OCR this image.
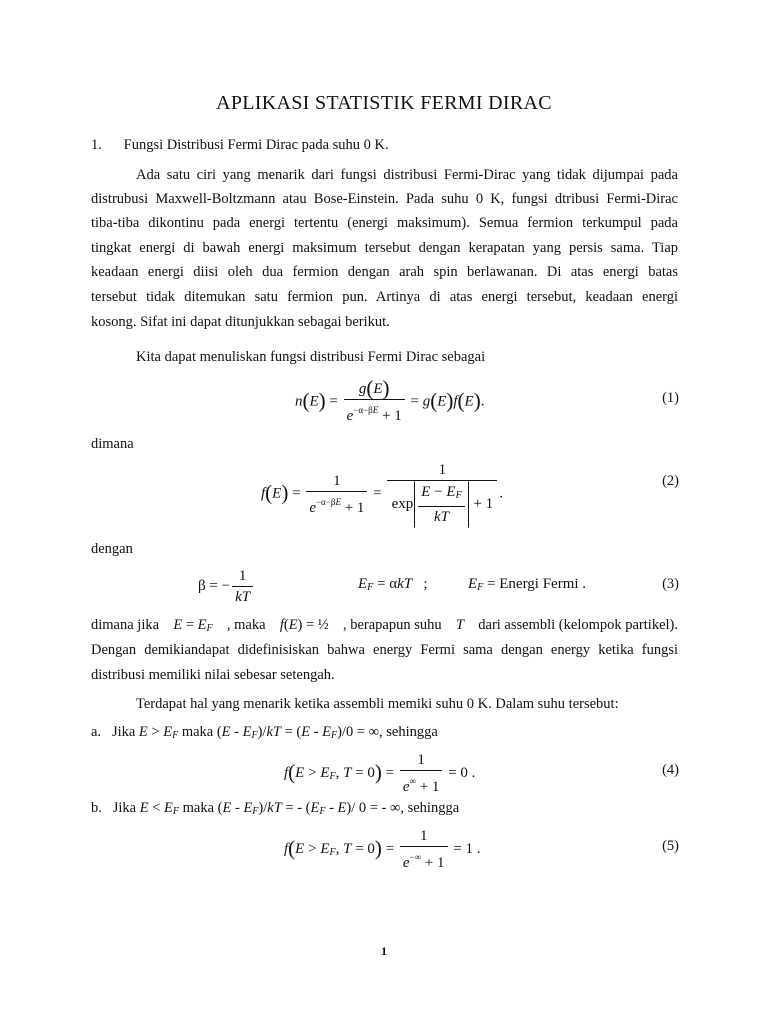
APLIKASI STATISTIK FERMI DIRAC
1.      Fungsi Distribusi Fermi Dirac pada suhu 0 K.
Ada satu ciri yang menarik dari fungsi distribusi Fermi-Dirac yang tidak dijumpai pada
distrubusi Maxwell-Boltzmann atau Bose-Einstein. Pada suhu 0 K, fungsi dtribusi Fermi-Dirac
tiba-tiba dikontinu pada energi tertentu (energi maksimum). Semua fermion terkumpul pada
tingkat energi di bawah energi maksimum tersebut dengan kerapatan yang persis sama. Tiap
keadaan energi diisi oleh dua fermion dengan arah spin berlawanan. Di atas energi batas
tersebut tidak ditemukan satu fermion pun. Artinya di atas energi tersebut, keadaan energi
kosong. Sifat ini dapat ditunjukkan sebagai berikut.
Kita dapat menuliskan fungsi distribusi Fermi Dirac sebagai
$n(E) = \frac{g(E)}{e^{-\alpha-\beta E} + 1} = g(E)f(E)$.	(1)
dimana
$f(E) = \frac{1}{e^{-\alpha-\beta E} + 1} = \frac{1}{\exp \frac{E - E_F}{kT} + 1}$ .
(2)
dengan
β = − $\frac{1}{kT}$	$E_F = \alpha kT$   ;	$E_F$ = Energi Fermi .	(3)
dimana jika $E = E_F$ , maka f(E) = ½ , berapapun suhu T dari assembli (kelompok partikel).
Dengan demikiandapat didefinisiskan bahwa energy Fermi sama dengan energy ketika fungsi
distribusi memiliki nilai sebesar setengah.
Terdapat hal yang menarik ketika assembli memiki suhu 0 K. Dalam suhu tersebut:
a. Jika $E > E_F$ maka $(E - E_F)/kT = (E - E_F)/0$ = ∞, sehingga
$f(E > E_F$, $T = 0) = \frac{1}{e^\infty + 1} = 0$ .	(4)
b. Jika $E < E_F$ maka $(E - E_F)/kT$ = - $(E_F - E)/$ 0 = - ∞, sehingga
$f(E > E_F$, $T = 0) = \frac{1}{e^{-\infty} + 1} = 1$ .	(5)
1
